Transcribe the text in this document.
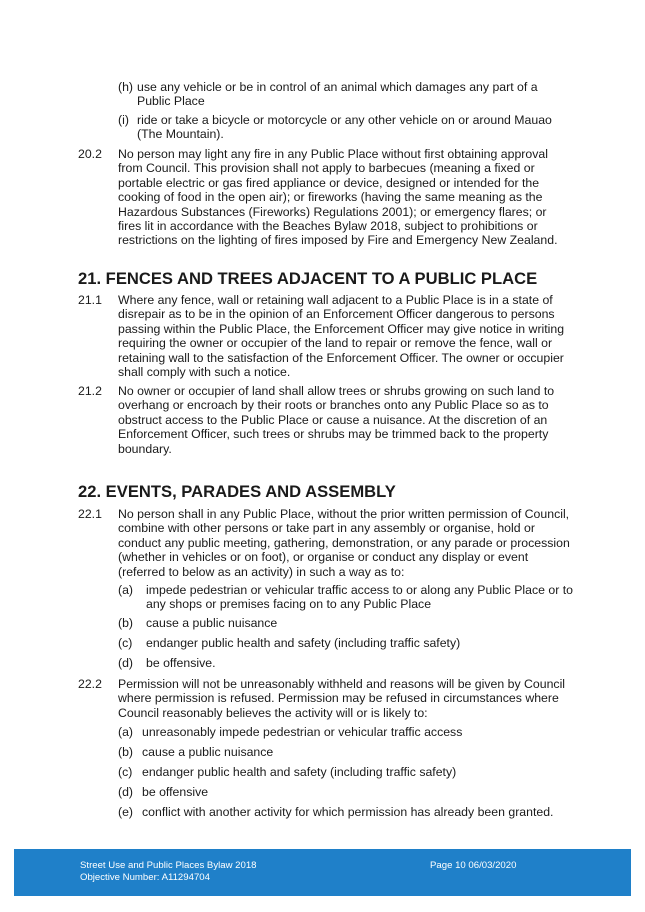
(h) use any vehicle or be in control of an animal which damages any part of a Public Place
(i) ride or take a bicycle or motorcycle or any other vehicle on or around Mauao (The Mountain).
20.2 No person may light any fire in any Public Place without first obtaining approval from Council. This provision shall not apply to barbecues (meaning a fixed or portable electric or gas fired appliance or device, designed or intended for the cooking of food in the open air); or fireworks (having the same meaning as the Hazardous Substances (Fireworks) Regulations 2001); or emergency flares; or fires lit in accordance with the Beaches Bylaw 2018, subject to prohibitions or restrictions on the lighting of fires imposed by Fire and Emergency New Zealand.
21. FENCES AND TREES ADJACENT TO A PUBLIC PLACE
21.1 Where any fence, wall or retaining wall adjacent to a Public Place is in a state of disrepair as to be in the opinion of an Enforcement Officer dangerous to persons passing within the Public Place, the Enforcement Officer may give notice in writing requiring the owner or occupier of the land to repair or remove the fence, wall or retaining wall to the satisfaction of the Enforcement Officer. The owner or occupier shall comply with such a notice.
21.2 No owner or occupier of land shall allow trees or shrubs growing on such land to overhang or encroach by their roots or branches onto any Public Place so as to obstruct access to the Public Place or cause a nuisance. At the discretion of an Enforcement Officer, such trees or shrubs may be trimmed back to the property boundary.
22. EVENTS, PARADES AND ASSEMBLY
22.1 No person shall in any Public Place, without the prior written permission of Council, combine with other persons or take part in any assembly or organise, hold or conduct any public meeting, gathering, demonstration, or any parade or procession (whether in vehicles or on foot), or organise or conduct any display or event (referred to below as an activity) in such a way as to:
(a)	impede pedestrian or vehicular traffic access to or along any Public Place or to any shops or premises facing on to any Public Place
(b)	cause a public nuisance
(c)	endanger public health and safety (including traffic safety)
(d)	be offensive.
22.2 Permission will not be unreasonably withheld and reasons will be given by Council where permission is refused. Permission may be refused in circumstances where Council reasonably believes the activity will or is likely to:
(a) unreasonably impede pedestrian or vehicular traffic access
(b) cause a public nuisance
(c) endanger public health and safety (including traffic safety)
(d) be offensive
(e) conflict with another activity for which permission has already been granted.
Street Use and Public Places Bylaw 2018
Objective Number: A11294704
Page 10 06/03/2020
